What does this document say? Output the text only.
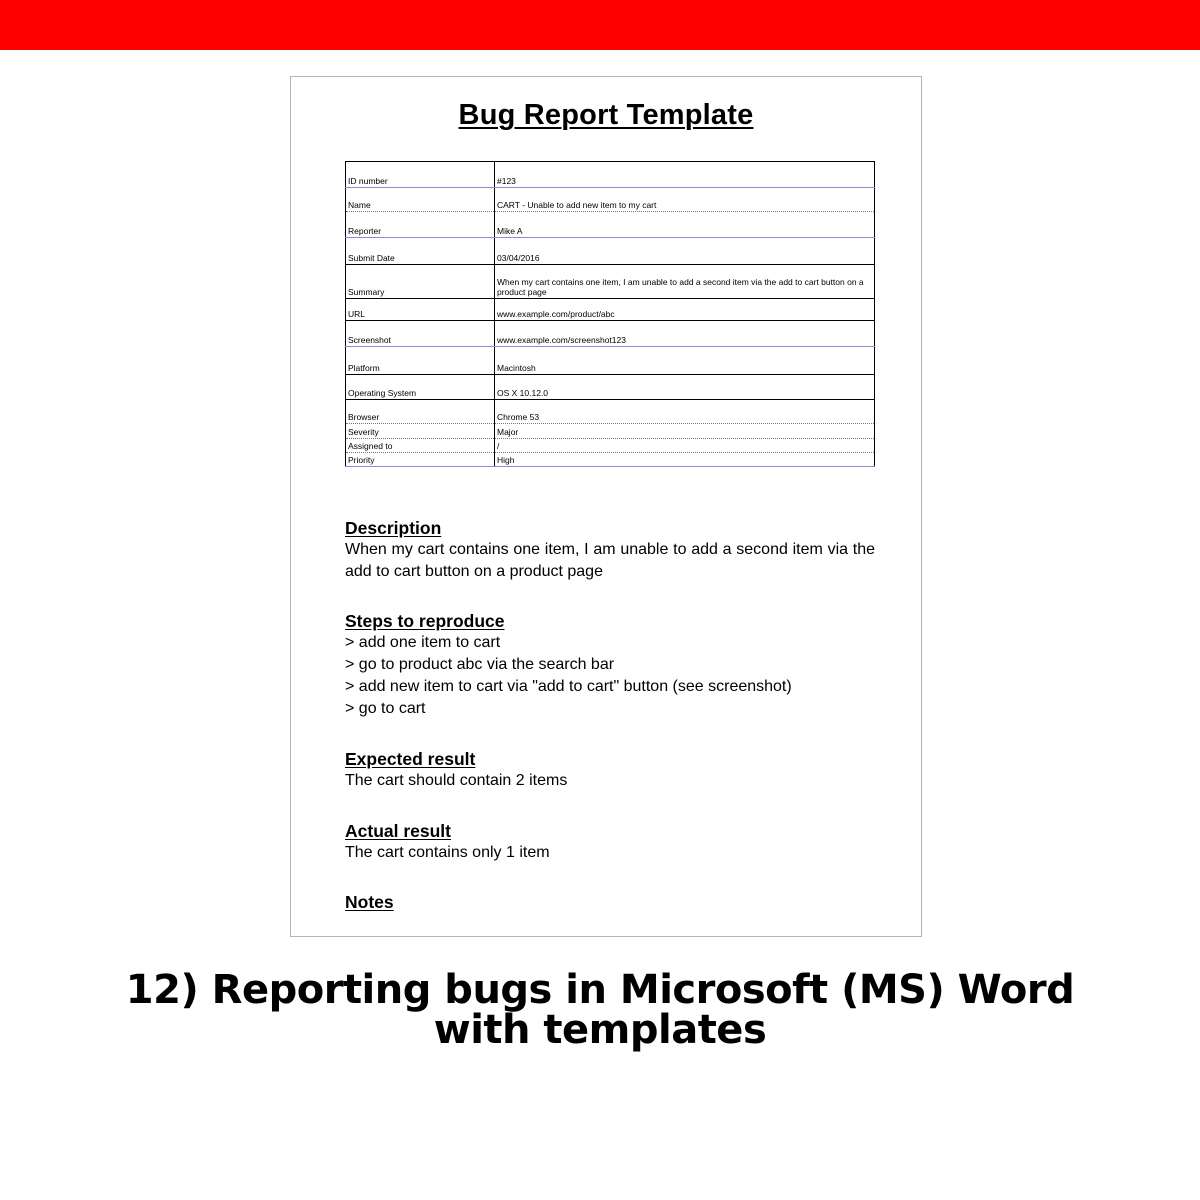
Bug Report Template
ID number	#123
Name	CART - Unable to add new item to my cart
Reporter	Mike A
Submit Date	03/04/2016
Summary	When my cart contains one item, I am unable to add a second item via the add to cart button on a product page
URL	www.example.com/product/abc
Screenshot	www.example.com/screenshot123
Platform	Macintosh
Operating System	OS X 10.12.0
Browser	Chrome 53
Severity	Major
Assigned to	/
Priority	High
Description
When my cart contains one item, I am unable to add a second item via the add to cart button on a product page
Steps to reproduce
> add one item to cart
> go to product abc via the search bar
> add new item to cart via "add to cart" button (see screenshot)
> go to cart
Expected result
The cart should contain 2 items
Actual result
The cart contains only 1 item
Notes
12) Reporting bugs in Microsoft (MS) Word
with templates
